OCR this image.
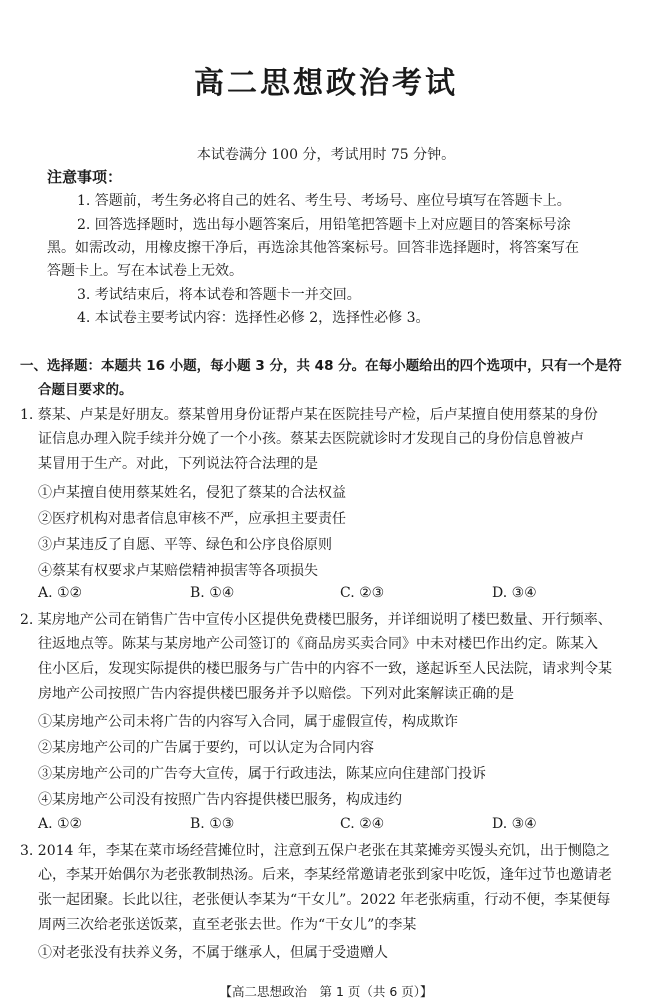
高二思想政治考试
本试卷满分 100 分，考试用时 75 分钟。
注意事项：
1. 答题前，考生务必将自己的姓名、考生号、考场号、座位号填写在答题卡上。
2. 回答选择题时，选出每小题答案后，用铅笔把答题卡上对应题目的答案标号涂
黑。如需改动，用橡皮擦干净后，再选涂其他答案标号。回答非选择题时，将答案写在
答题卡上。写在本试卷上无效。
3. 考试结束后，将本试卷和答题卡一并交回。
4. 本试卷主要考试内容：选择性必修 2，选择性必修 3。
一、选择题：本题共 16 小题，每小题 3 分，共 48 分。在每小题给出的四个选项中，只有一个是符
合题目要求的。
1. 蔡某、卢某是好朋友。蔡某曾用身份证帮卢某在医院挂号产检，后卢某擅自使用蔡某的身份
证信息办理入院手续并分娩了一个小孩。蔡某去医院就诊时才发现自己的身份信息曾被卢
某冒用于生产。对此，下列说法符合法理的是
①卢某擅自使用蔡某姓名，侵犯了蔡某的合法权益
②医疗机构对患者信息审核不严，应承担主要责任
③卢某违反了自愿、平等、绿色和公序良俗原则
④蔡某有权要求卢某赔偿精神损害等各项损失
A. ①②	B. ①④	C. ②③	D. ③④
2. 某房地产公司在销售广告中宣传小区提供免费楼巴服务，并详细说明了楼巴数量、开行频率、
往返地点等。陈某与某房地产公司签订的《商品房买卖合同》中未对楼巴作出约定。陈某入
住小区后，发现实际提供的楼巴服务与广告中的内容不一致，遂起诉至人民法院，请求判令某
房地产公司按照广告内容提供楼巴服务并予以赔偿。下列对此案解读正确的是
①某房地产公司未将广告的内容写入合同，属于虚假宣传，构成欺诈
②某房地产公司的广告属于要约，可以认定为合同内容
③某房地产公司的广告夸大宣传，属于行政违法，陈某应向住建部门投诉
④某房地产公司没有按照广告内容提供楼巴服务，构成违约
A. ①②	B. ①③	C. ②④	D. ③④
3. 2014 年，李某在菜市场经营摊位时，注意到五保户老张在其菜摊旁买馒头充饥，出于恻隐之
心，李某开始偶尔为老张教制热汤。后来，李某经常邀请老张到家中吃饭，逢年过节也邀请老
张一起团聚。长此以往，老张便认李某为“干女儿”。2022 年老张病重，行动不便，李某便每
周两三次给老张送饭菜，直至老张去世。作为“干女儿”的李某
①对老张没有扶养义务，不属于继承人，但属于受遗赠人
【高二思想政治　第 1 页（共 6 页）】
